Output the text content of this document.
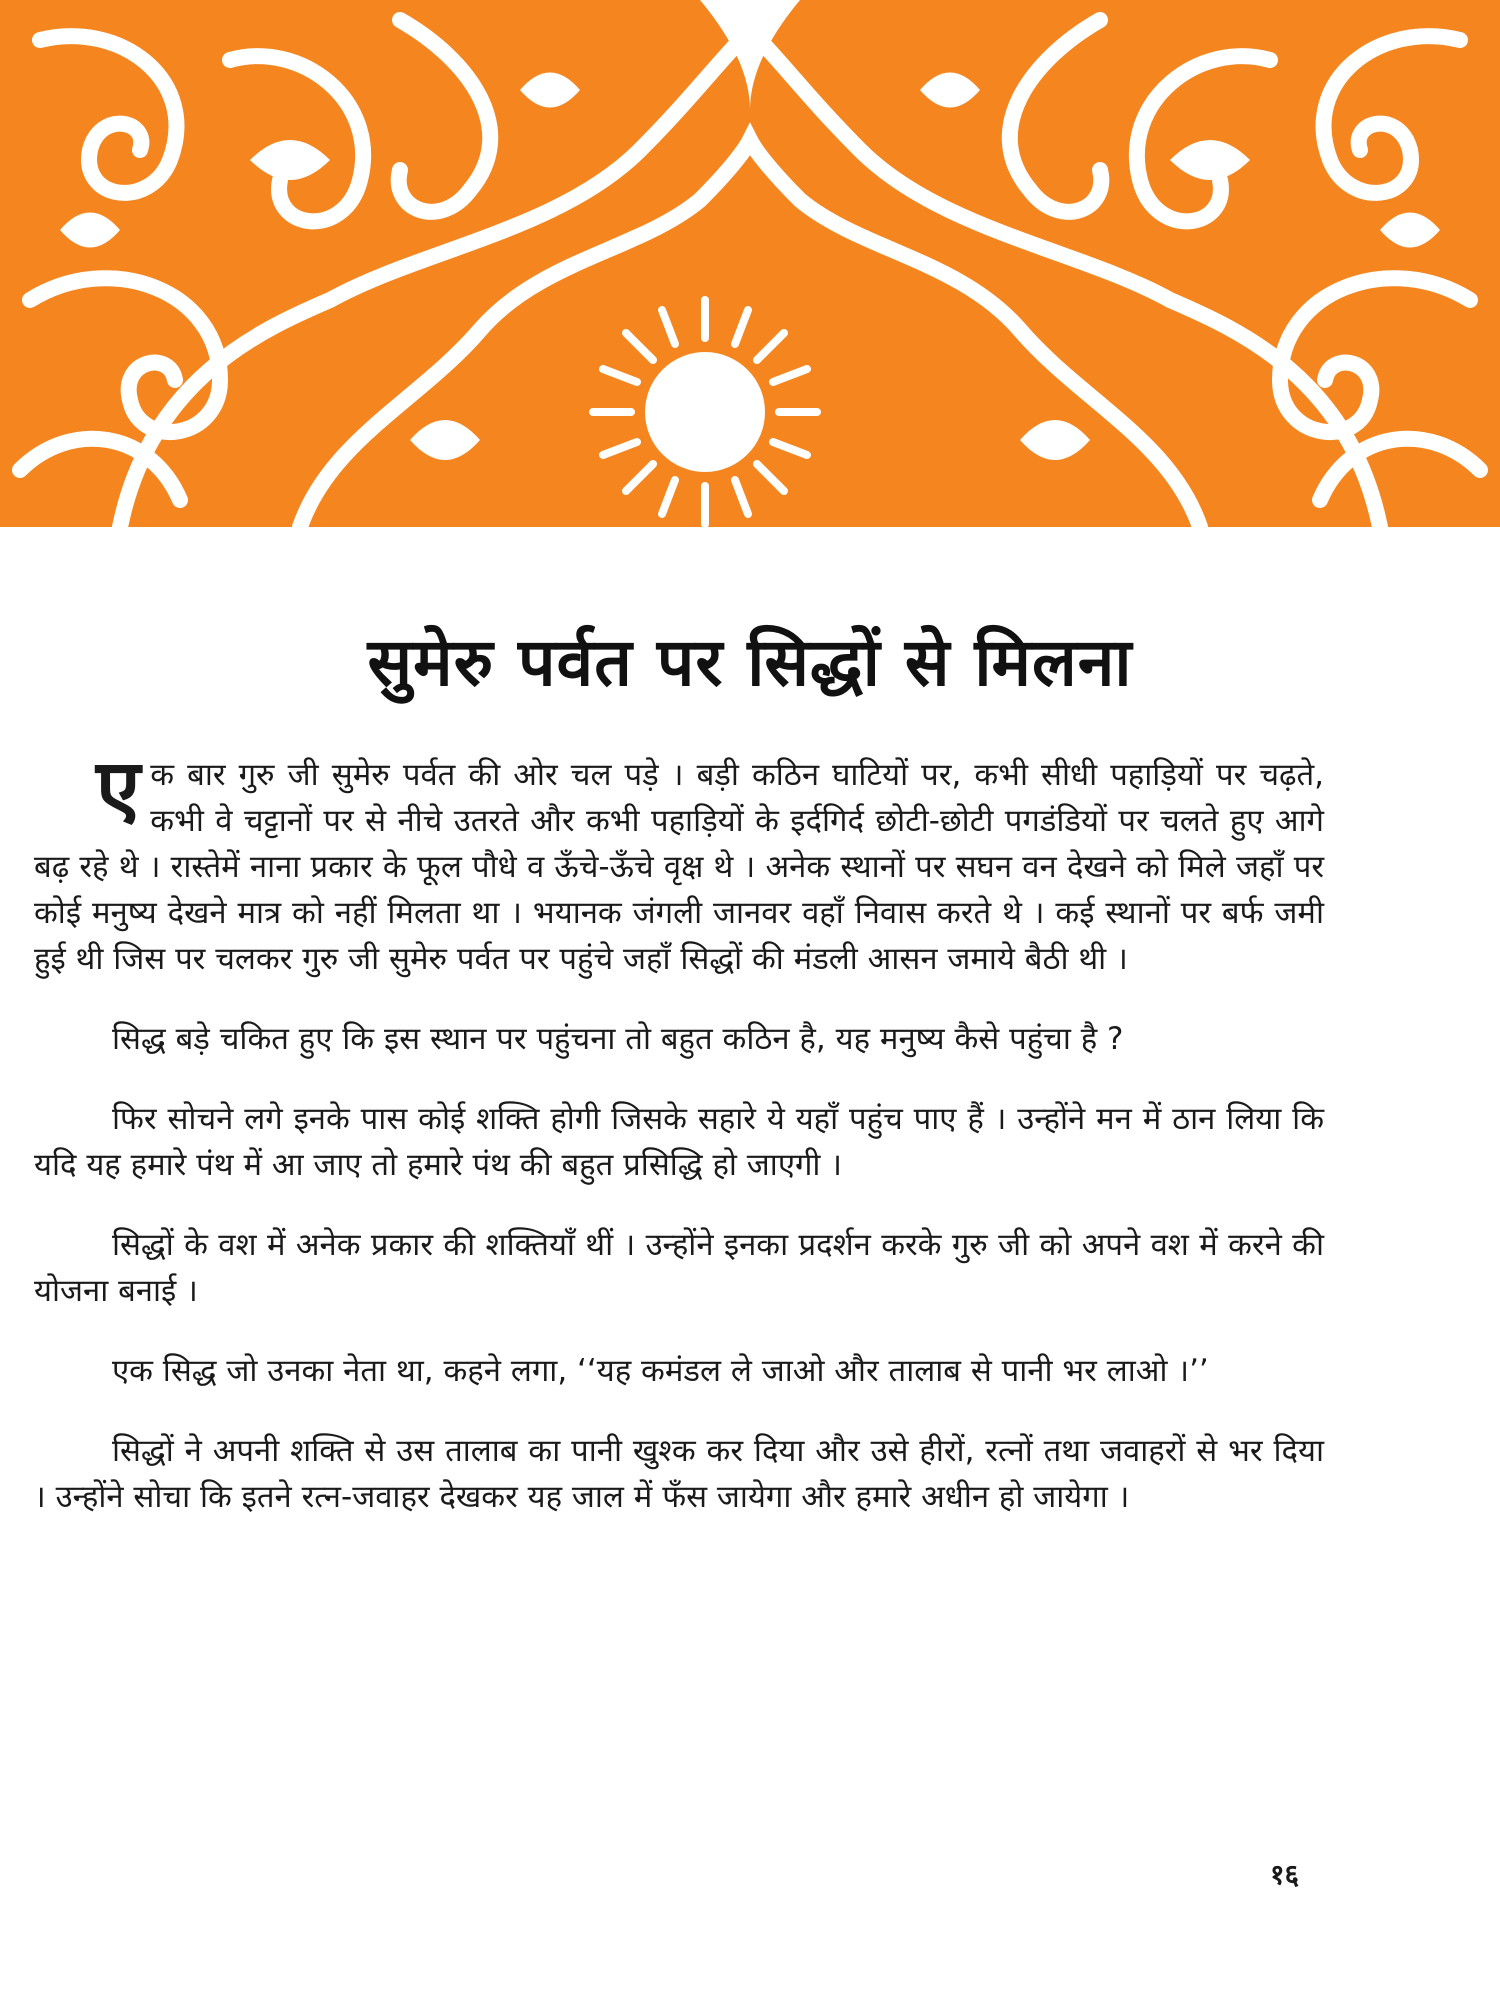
सुमेरु पर्वत पर सिद्धों से मिलना

एक बार गुरु जी सुमेरु पर्वत की ओर चल पड़े । बड़ी कठिन घाटियों पर, कभी सीधी पहाड़ियों पर चढ़ते, कभी वे चट्टानों पर से नीचे उतरते और कभी पहाड़ियों के इर्दगिर्द छोटी-छोटी पगडंडियों पर चलते हुए आगे बढ़ रहे थे । रास्तेमें नाना प्रकार के फूल पौधे व ऊँचे-ऊँचे वृक्ष थे । अनेक स्थानों पर सघन वन देखने को मिले जहाँ पर कोई मनुष्य देखने मात्र को नहीं मिलता था । भयानक जंगली जानवर वहाँ निवास करते थे । कई स्थानों पर बर्फ जमी हुई थी जिस पर चलकर गुरु जी सुमेरु पर्वत पर पहुंचे जहाँ सिद्धों की मंडली आसन जमाये बैठी थी ।

सिद्ध बड़े चकित हुए कि इस स्थान पर पहुंचना तो बहुत कठिन है, यह मनुष्य कैसे पहुंचा है ?

फिर सोचने लगे इनके पास कोई शक्ति होगी जिसके सहारे ये यहाँ पहुंच पाए हैं । उन्होंने मन में ठान लिया कि यदि यह हमारे पंथ में आ जाए तो हमारे पंथ की बहुत प्रसिद्धि हो जाएगी ।

सिद्धों के वश में अनेक प्रकार की शक्तियाँ थीं । उन्होंने इनका प्रदर्शन करके गुरु जी को अपने वश में करने की योजना बनाई ।

एक सिद्ध जो उनका नेता था, कहने लगा, ‘‘यह कमंडल ले जाओ और तालाब से पानी भर लाओ ।’’

सिद्धों ने अपनी शक्ति से उस तालाब का पानी खुश्क कर दिया और उसे हीरों, रत्नों तथा जवाहरों से भर दिया । उन्होंने सोचा कि इतने रत्न-जवाहर देखकर यह जाल में फँस जायेगा और हमारे अधीन हो जायेगा ।

१६
